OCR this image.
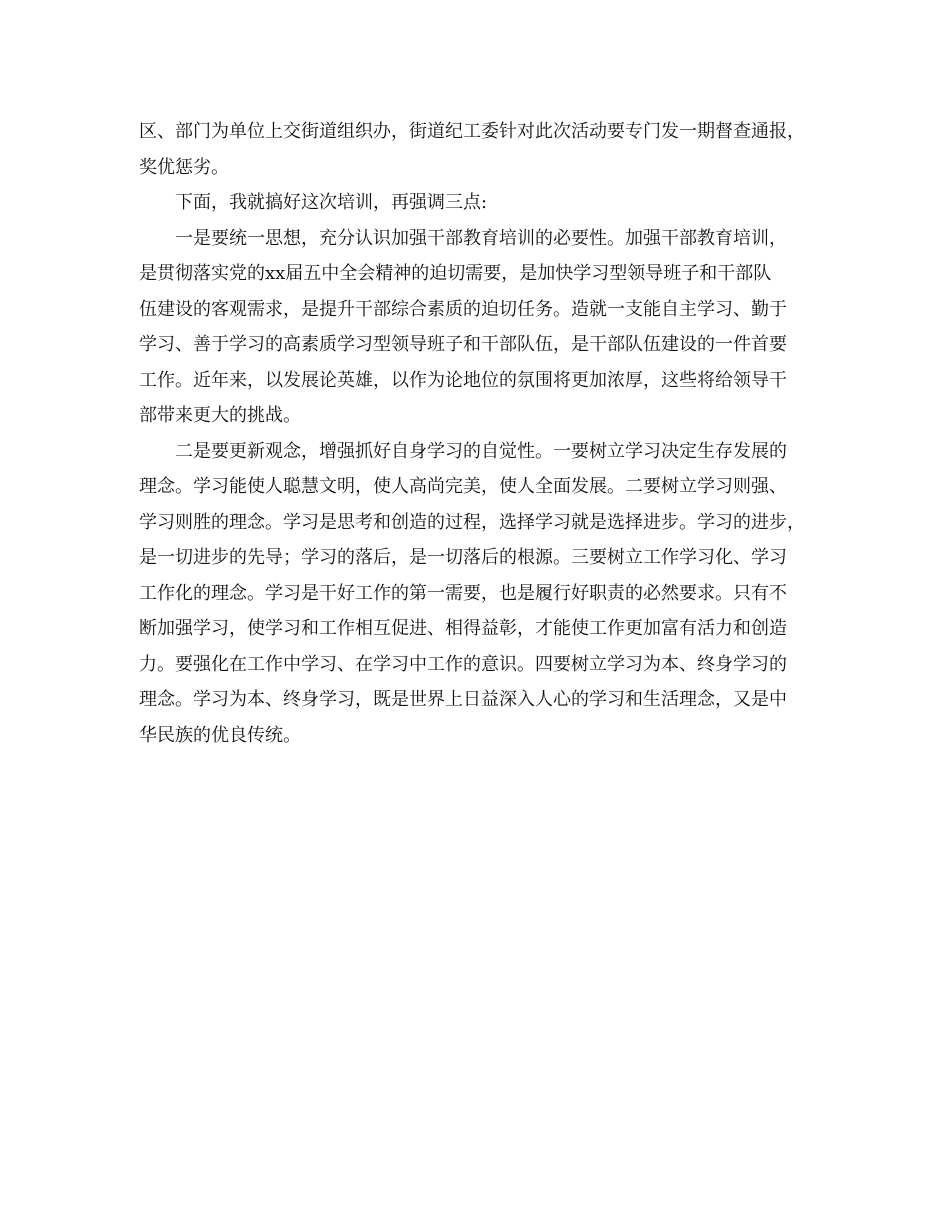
区、部门为单位上交街道组织办，街道纪工委针对此次活动要专门发一期督查通报，
奖优惩劣。
下面，我就搞好这次培训，再强调三点:
一是要统一思想，充分认识加强干部教育培训的必要性。加强干部教育培训，
是贯彻落实党的xx届五中全会精神的迫切需要，是加快学习型领导班子和干部队
伍建设的客观需求，是提升干部综合素质的迫切任务。造就一支能自主学习、勤于
学习、善于学习的高素质学习型领导班子和干部队伍，是干部队伍建设的一件首要
工作。近年来，以发展论英雄，以作为论地位的氛围将更加浓厚，这些将给领导干
部带来更大的挑战。
二是要更新观念，增强抓好自身学习的自觉性。一要树立学习决定生存发展的
理念。学习能使人聪慧文明，使人高尚完美，使人全面发展。二要树立学习则强、
学习则胜的理念。学习是思考和创造的过程，选择学习就是选择进步。学习的进步，
是一切进步的先导；学习的落后，是一切落后的根源。三要树立工作学习化、学习
工作化的理念。学习是干好工作的第一需要，也是履行好职责的必然要求。只有不
断加强学习，使学习和工作相互促进、相得益彰，才能使工作更加富有活力和创造
力。要强化在工作中学习、在学习中工作的意识。四要树立学习为本、终身学习的
理念。学习为本、终身学习，既是世界上日益深入人心的学习和生活理念，又是中
华民族的优良传统。
